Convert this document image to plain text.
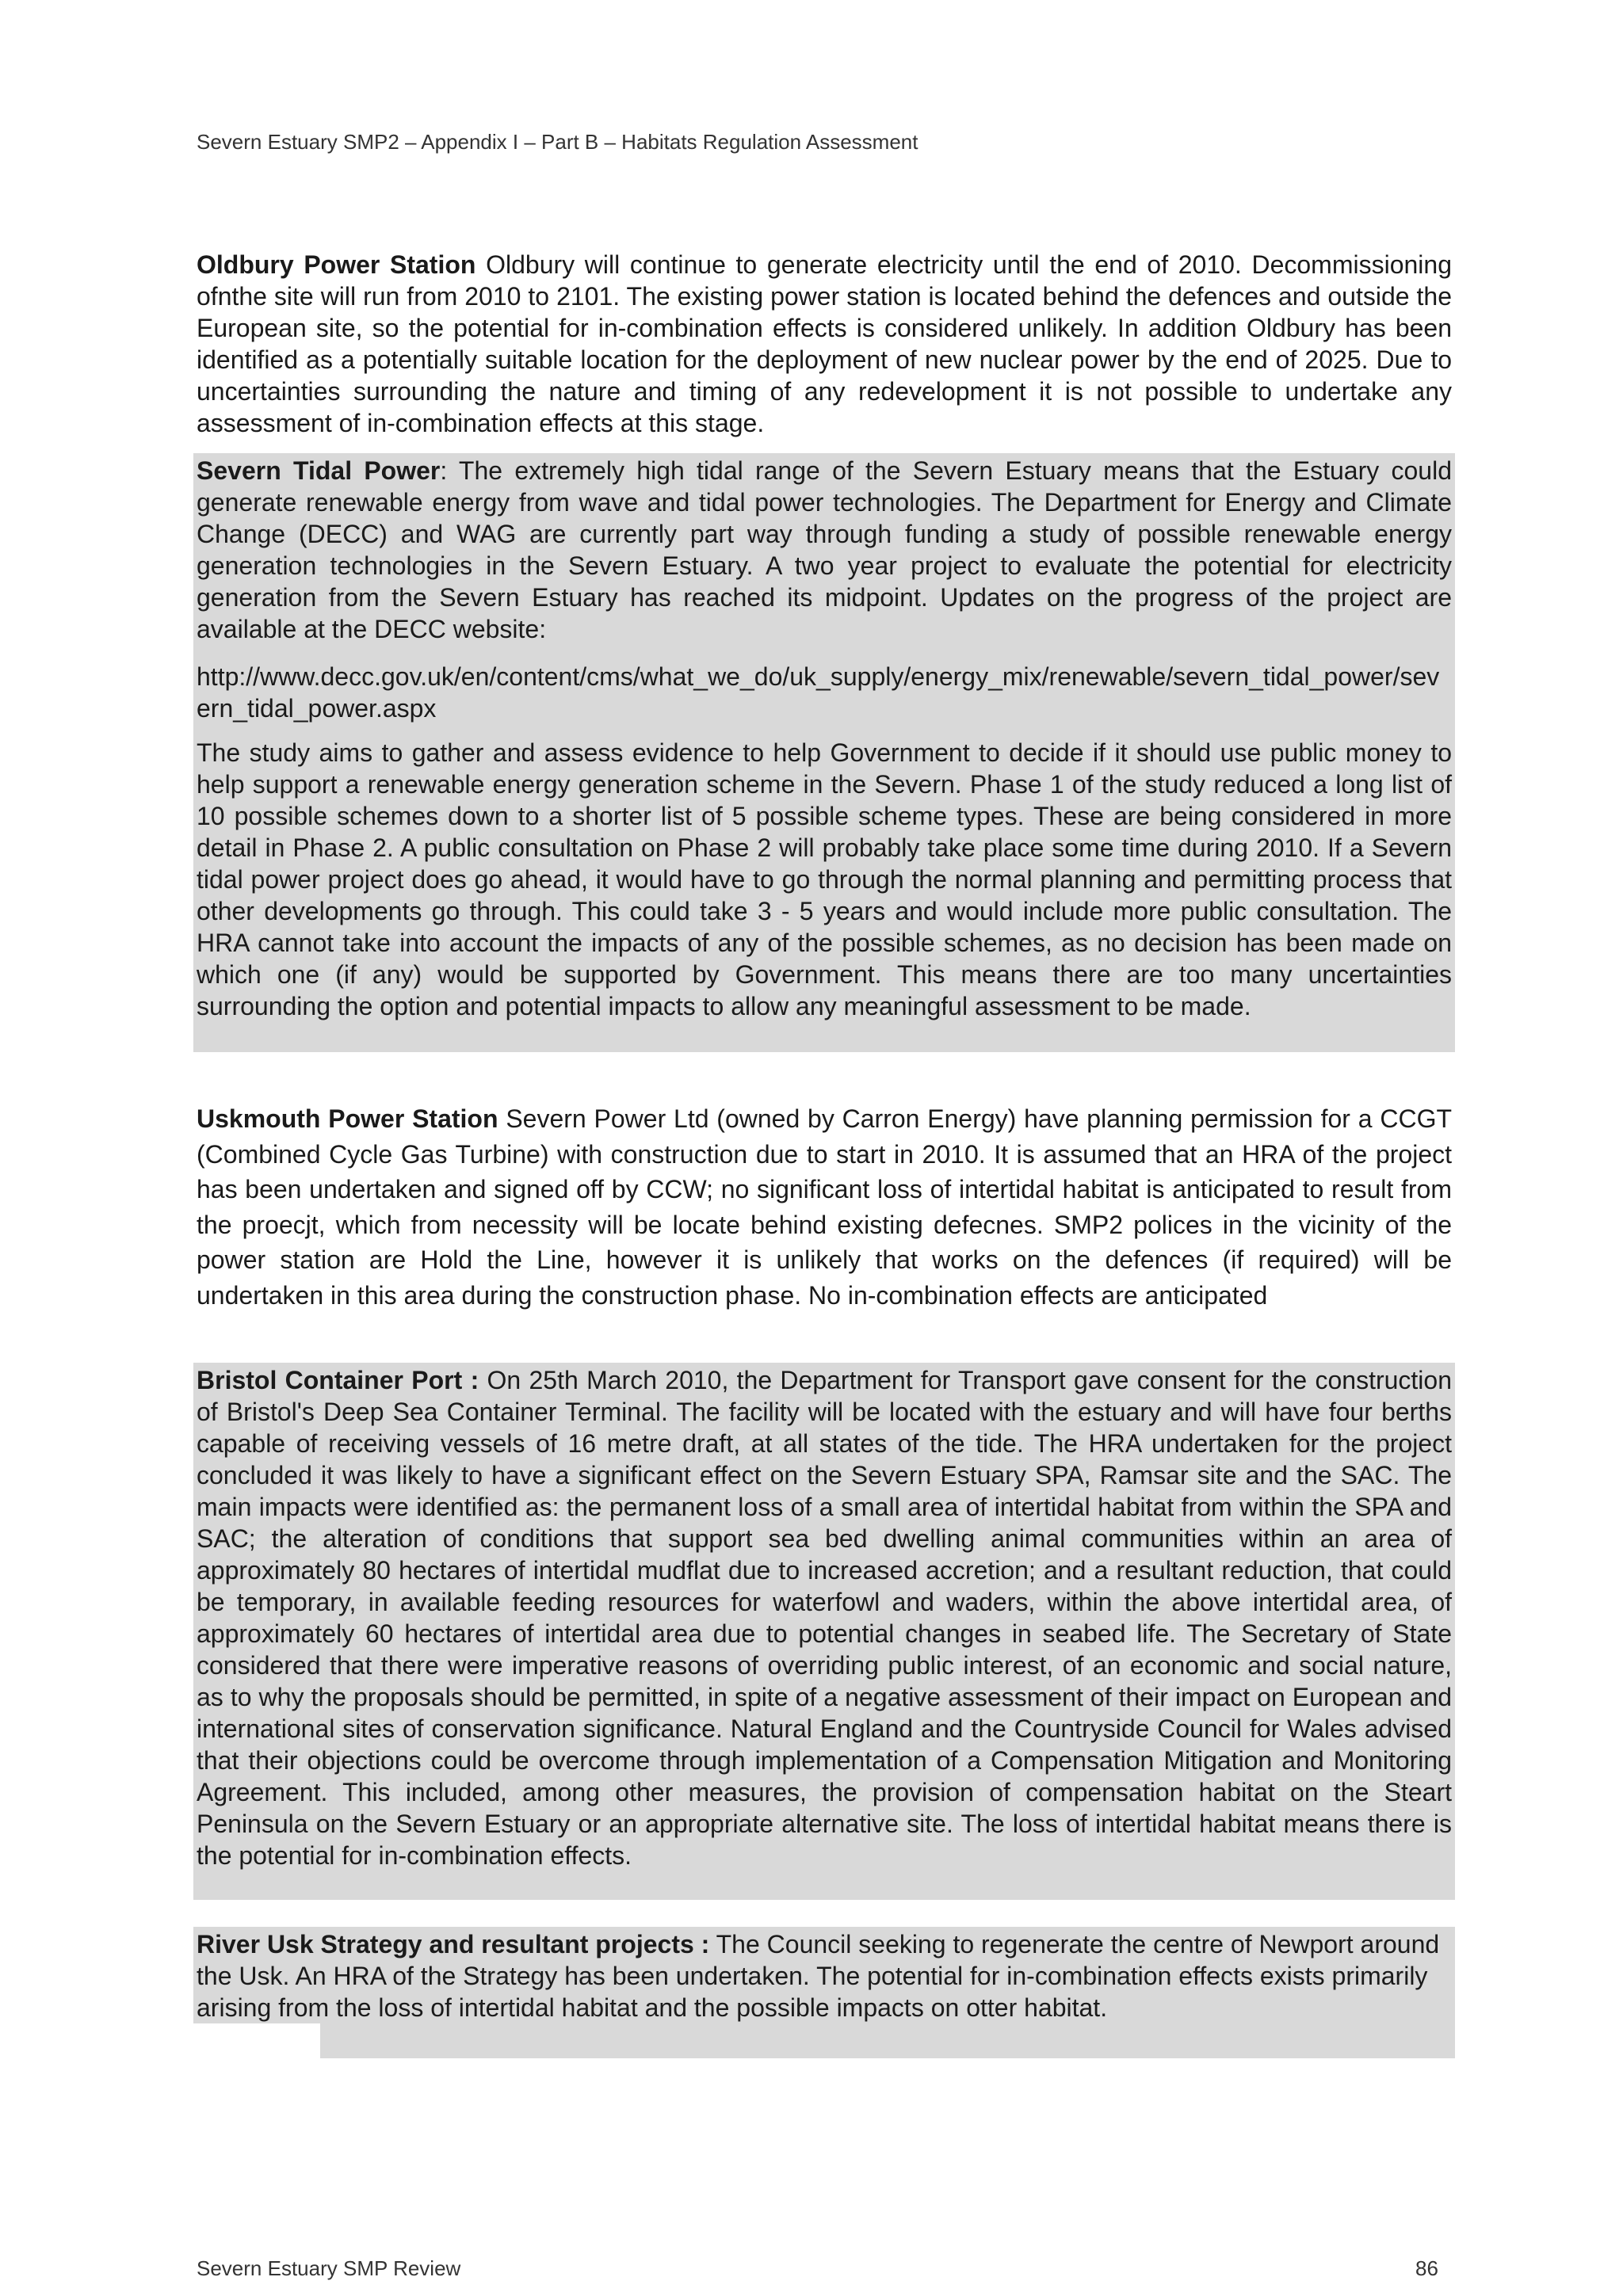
Severn Estuary SMP2 – Appendix I – Part B – Habitats Regulation Assessment

Oldbury Power Station Oldbury will continue to generate electricity until the end of 2010. Decommissioning ofnthe site will run from 2010 to 2101. The existing power station is located behind the defences and outside the European site, so the potential for in-combination effects is considered unlikely. In addition Oldbury has been identified as a potentially suitable location for the deployment of new nuclear power by the end of 2025. Due to uncertainties surrounding the nature and timing of any redevelopment it is not possible to undertake any assessment of in-combination effects at this stage.

Severn Tidal Power: The extremely high tidal range of the Severn Estuary means that the Estuary could generate renewable energy from wave and tidal power technologies. The Department for Energy and Climate Change (DECC) and WAG are currently part way through funding a study of possible renewable energy generation technologies in the Severn Estuary. A two year project to evaluate the potential for electricity generation from the Severn Estuary has reached its midpoint. Updates on the progress of the project are available at the DECC website:

http://www.decc.gov.uk/en/content/cms/what_we_do/uk_supply/energy_mix/renewable/severn_tidal_power/severn_tidal_power.aspx

The study aims to gather and assess evidence to help Government to decide if it should use public money to help support a renewable energy generation scheme in the Severn. Phase 1 of the study reduced a long list of 10 possible schemes down to a shorter list of 5 possible scheme types. These are being considered in more detail in Phase 2. A public consultation on Phase 2 will probably take place some time during 2010. If a Severn tidal power project does go ahead, it would have to go through the normal planning and permitting process that other developments go through. This could take 3 - 5 years and would include more public consultation. The HRA cannot take into account the impacts of any of the possible schemes, as no decision has been made on which one (if any) would be supported by Government. This means there are too many uncertainties surrounding the option and potential impacts to allow any meaningful assessment to be made.

Uskmouth Power Station Severn Power Ltd (owned by Carron Energy) have planning permission for a CCGT (Combined Cycle Gas Turbine) with construction due to start in 2010. It is assumed that an HRA of the project has been undertaken and signed off by CCW; no significant loss of intertidal habitat is anticipated to result from the proecjt, which from necessity will be locate behind existing defecnes. SMP2 polices in the vicinity of the power station are Hold the Line, however it is unlikely that works on the defences (if required) will be undertaken in this area during the construction phase. No in-combination effects are anticipated

Bristol Container Port : On 25th March 2010, the Department for Transport gave consent for the construction of Bristol's Deep Sea Container Terminal. The facility will be located with the estuary and will have four berths capable of receiving vessels of 16 metre draft, at all states of the tide. The HRA undertaken for the project concluded it was likely to have a significant effect on the Severn Estuary SPA, Ramsar site and the SAC. The main impacts were identified as: the permanent loss of a small area of intertidal habitat from within the SPA and SAC; the alteration of conditions that support sea bed dwelling animal communities within an area of approximately 80 hectares of intertidal mudflat due to increased accretion; and a resultant reduction, that could be temporary, in available feeding resources for waterfowl and waders, within the above intertidal area, of approximately 60 hectares of intertidal area due to potential changes in seabed life. The Secretary of State considered that there were imperative reasons of overriding public interest, of an economic and social nature, as to why the proposals should be permitted, in spite of a negative assessment of their impact on European and international sites of conservation significance. Natural England and the Countryside Council for Wales advised that their objections could be overcome through implementation of a Compensation Mitigation and Monitoring Agreement. This included, among other measures, the provision of compensation habitat on the Steart Peninsula on the Severn Estuary or an appropriate alternative site. The loss of intertidal habitat means there is the potential for in-combination effects.

River Usk Strategy and resultant projects : The Council seeking to regenerate the centre of Newport around the Usk. An HRA of the Strategy has been undertaken. The potential for in-combination effects exists primarily arising from the loss of intertidal habitat and the possible impacts on otter habitat.

Severn Estuary SMP Review	86
